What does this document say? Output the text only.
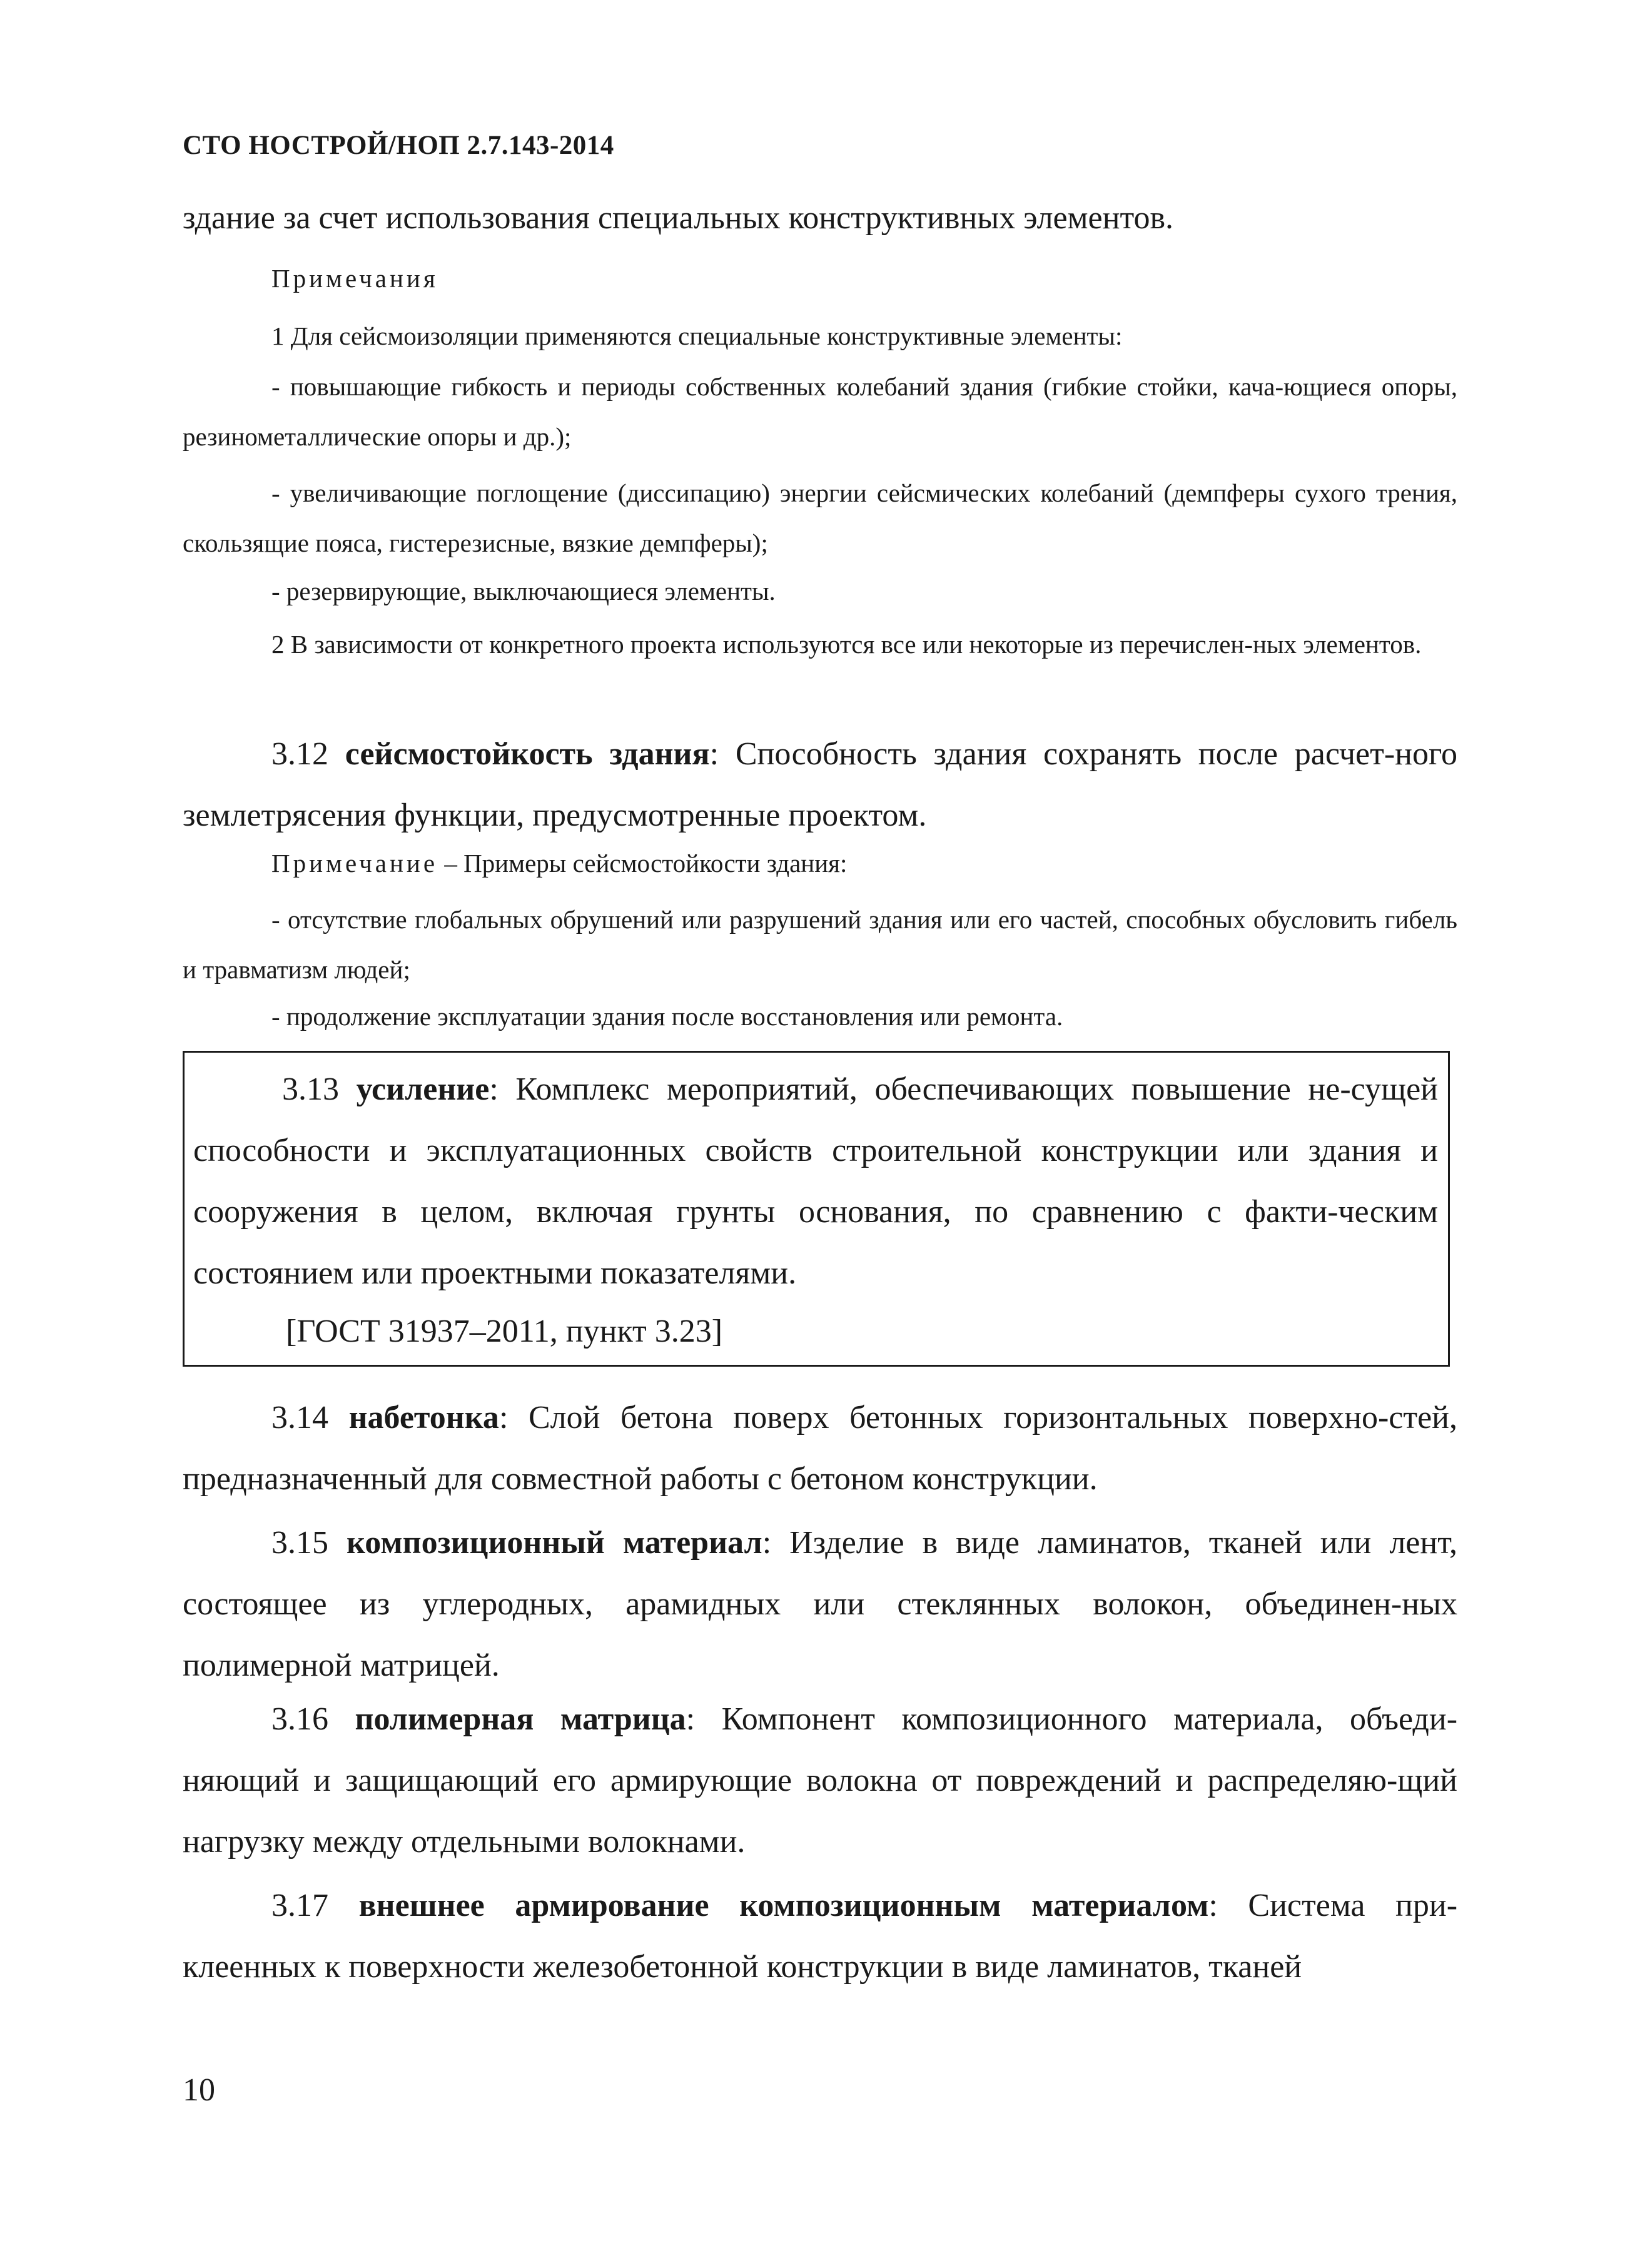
СТО НОСТРОЙ/НОП 2.7.143-2014
здание за счет использования специальных конструктивных элементов.
Примечания
1 Для сейсмоизоляции применяются специальные конструктивные элементы:
- повышающие гибкость и периоды собственных колебаний здания (гибкие стойки, кача-ющиеся опоры, резинометаллические опоры и др.);
- увеличивающие поглощение (диссипацию) энергии сейсмических колебаний (демпферы сухого трения, скользящие пояса, гистерезисные, вязкие демпферы);
- резервирующие, выключающиеся элементы.
2 В зависимости от конкретного проекта используются все или некоторые из перечислен-ных элементов.
3.12 сейсмостойкость здания: Способность здания сохранять после расчет-ного землетрясения функции, предусмотренные проектом.
Примечание – Примеры сейсмостойкости здания:
- отсутствие глобальных обрушений или разрушений здания или его частей, способных обусловить гибель и травматизм людей;
- продолжение эксплуатации здания после восстановления или ремонта.
3.13 усиление: Комплекс мероприятий, обеспечивающих повышение не-сущей способности и эксплуатационных свойств строительной конструкции или здания и сооружения в целом, включая грунты основания, по сравнению с факти-ческим состоянием или проектными показателями.
[ГОСТ 31937–2011, пункт 3.23]
3.14 набетонка: Слой бетона поверх бетонных горизонтальных поверхно-стей, предназначенный для совместной работы с бетоном конструкции.
3.15 композиционный материал: Изделие в виде ламинатов, тканей или лент, состоящее из углеродных, арамидных или стеклянных волокон, объединен-ных полимерной матрицей.
3.16 полимерная матрица: Компонент композиционного материала, объеди-няющий и защищающий его армирующие волокна от повреждений и распределяю-щий нагрузку между отдельными волокнами.
3.17 внешнее армирование композиционным материалом: Система при-клеенных к поверхности железобетонной конструкции в виде ламинатов, тканей
10
